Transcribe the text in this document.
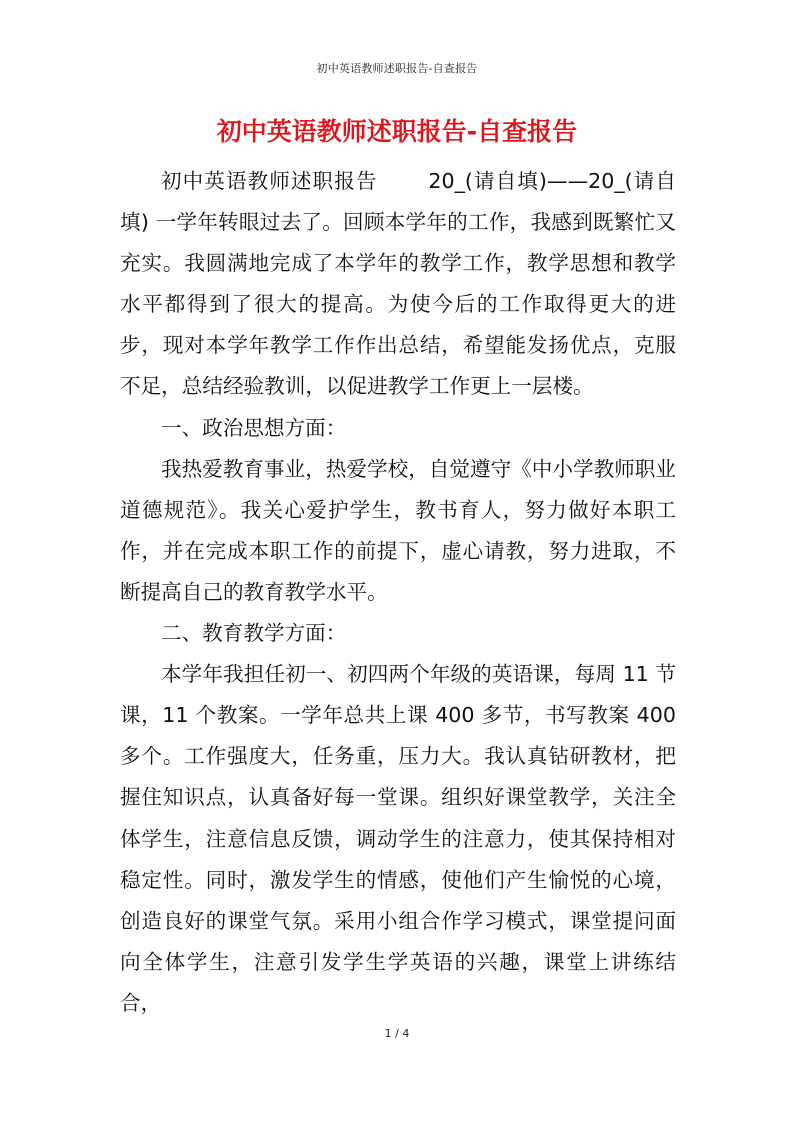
初中英语教师述职报告-自查报告
初中英语教师述职报告-自查报告

初中英语教师述职报告　　 20_(请自填)——20_(请自填) 一学年转眼过去了。回顾本学年的工作，我感到既繁忙又充实。我圆满地完成了本学年的教学工作，教学思想和教学水平都得到了很大的提高。为使今后的工作取得更大的进步，现对本学年教学工作作出总结，希望能发扬优点，克服不足，总结经验教训，以促进教学工作更上一层楼。

一、政治思想方面：

我热爱教育事业，热爱学校，自觉遵守《中小学教师职业道德规范》。我关心爱护学生，教书育人，努力做好本职工作，并在完成本职工作的前提下，虚心请教，努力进取，不断提高自己的教育教学水平。

二、教育教学方面：

本学年我担任初一、初四两个年级的英语课，每周 11 节课，11 个教案。一学年总共上课 400 多节，书写教案 400 多个。工作强度大，任务重，压力大。我认真钻研教材，把握住知识点，认真备好每一堂课。组织好课堂教学，关注全体学生，注意信息反馈，调动学生的注意力，使其保持相对稳定性。同时，激发学生的情感，使他们产生愉悦的心境，创造良好的课堂气氛。采用小组合作学习模式，课堂提问面向全体学生，注意引发学生学英语的兴趣，课堂上讲练结合，

1 / 4
